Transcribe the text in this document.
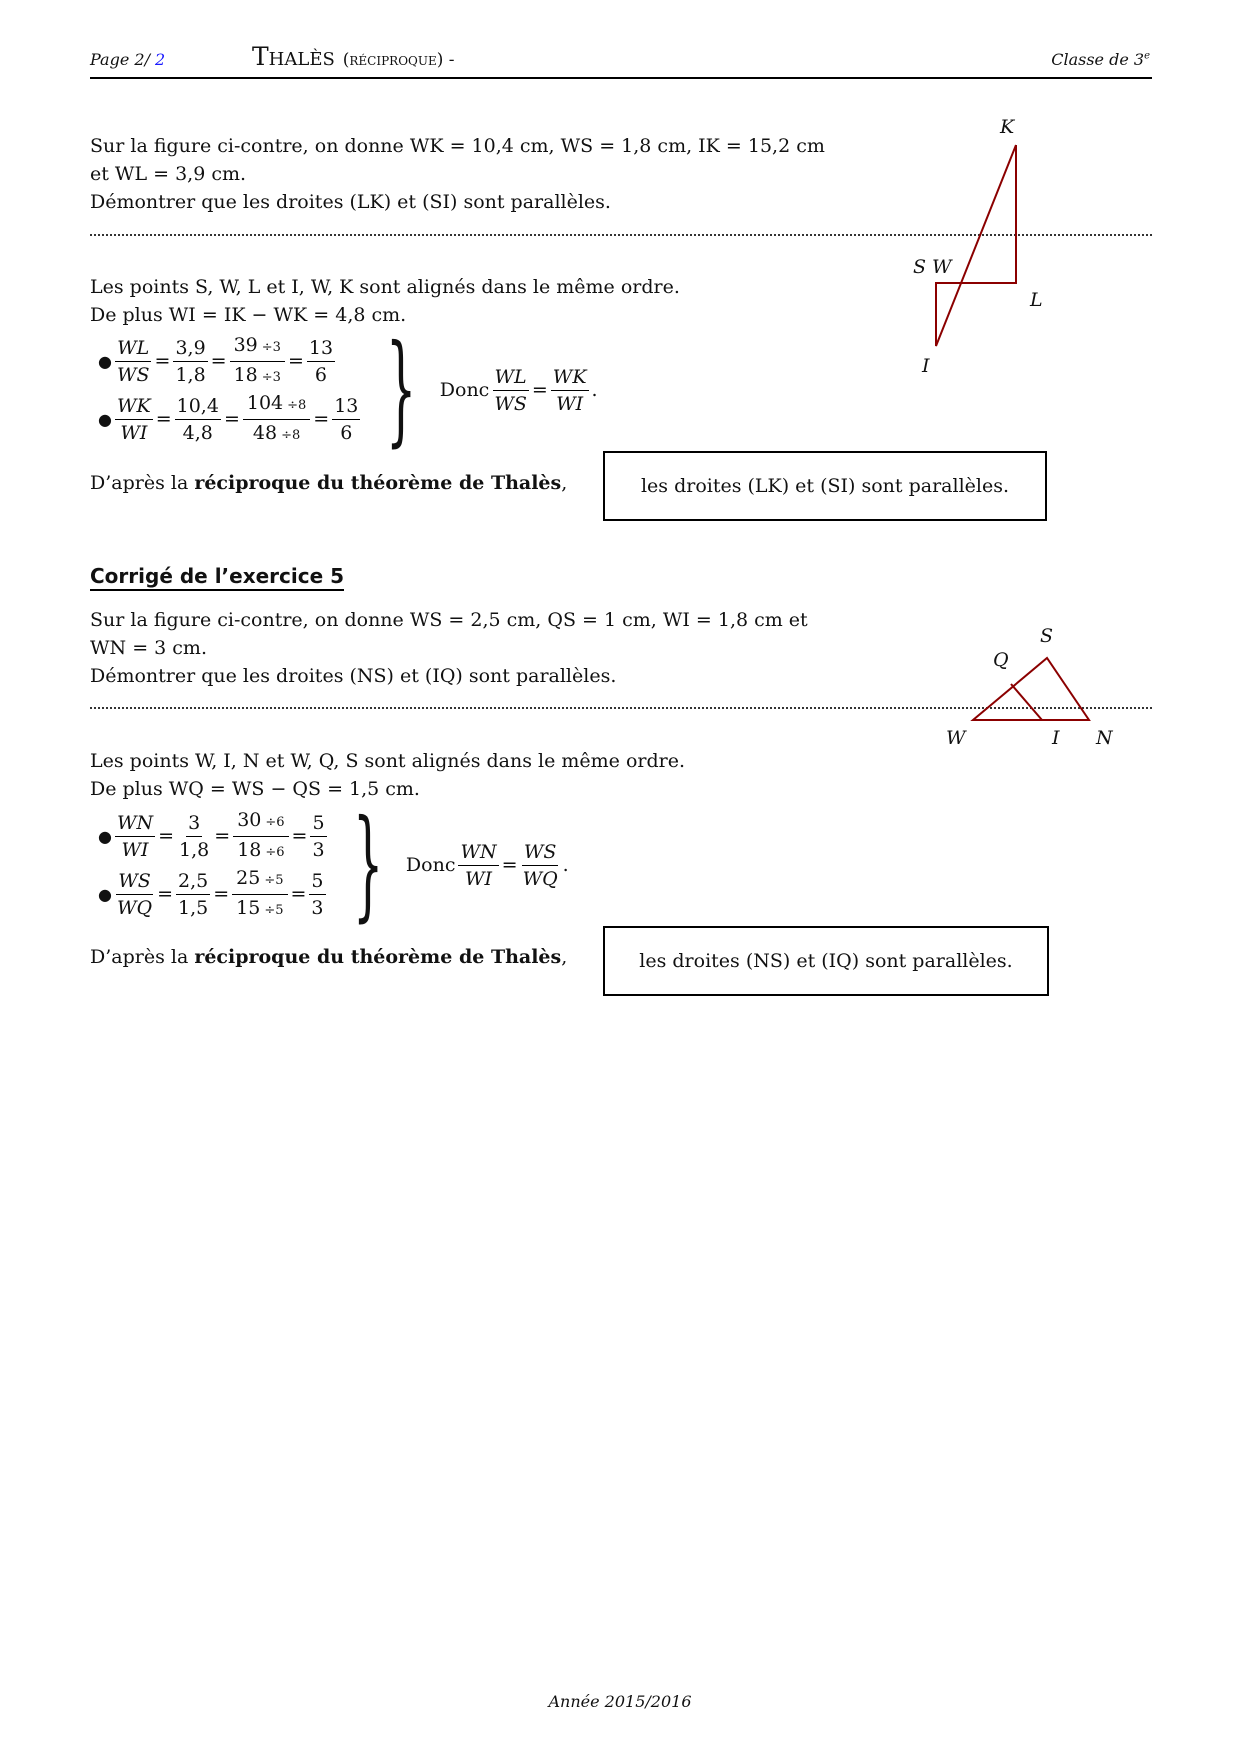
Page 2/ 2	Thalès (réciproque) -	Classe de 3e
Sur la figure ci-contre, on donne WK = 10,4 cm, WS = 1,8 cm, IK = 15,2 cm
et WL = 3,9 cm.
Démontrer que les droites (LK) et (SI) sont parallèles.
Les points S, W, L et I, W, K sont alignés dans le même ordre.
De plus WI = IK − WK = 4,8 cm.
● $\frac{WL}{WS} = \frac{3,9}{1,8} = \frac{39 \div 3}{18 \div 3} = \frac{13}{6}$
● $\frac{WK}{WI} = \frac{10,4}{4,8} = \frac{104 \div 8}{48 \div 8} = \frac{13}{6}$ } Donc $\frac{WL}{WS} = \frac{WK}{WI}$ .
D’après la réciproque du théorème de Thalès,	les droites (LK) et (SI) sont parallèles.
K
S W
L
I
Corrigé de l’exercice 5
Sur la figure ci-contre, on donne WS = 2,5 cm, QS = 1 cm, WI = 1,8 cm et
WN = 3 cm.
Démontrer que les droites (NS) et (IQ) sont parallèles.
Les points W, I, N et W, Q, S sont alignés dans le même ordre.
De plus WQ = WS − QS = 1,5 cm.
● $\frac{WN}{WI} = \frac{3}{1,8} = \frac{30 \div 6}{18 \div 6} = \frac{5}{3}$
● $\frac{WS}{WQ} = \frac{2,5}{1,5} = \frac{25 \div 5}{15 \div 5} = \frac{5}{3}$ } Donc $\frac{WN}{WI} = \frac{WS}{WQ}$ .
D’après la réciproque du théorème de Thalès,	les droites (NS) et (IQ) sont parallèles.
S
Q
W	I N
Année 2015/2016
